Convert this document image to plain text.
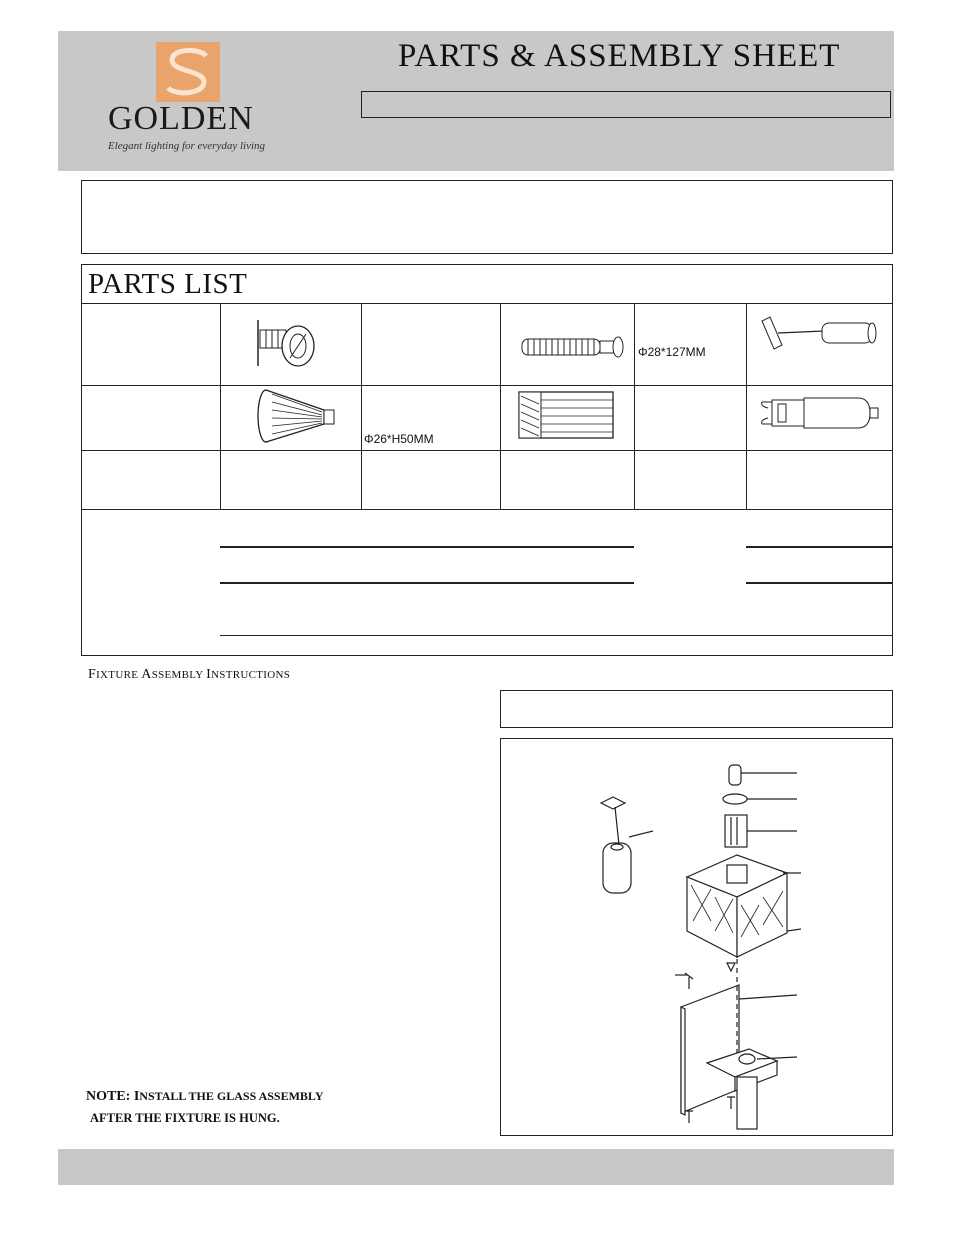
GOLDEN
Elegant lighting for everyday living
PARTS & ASSEMBLY SHEET
PARTS LIST
Φ28*127MM
Φ26*H50MM
FIXTURE ASSEMBLY INSTRUCTIONS
NOTE: INSTALL THE GLASS ASSEMBLY
AFTER THE FIXTURE IS HUNG.
